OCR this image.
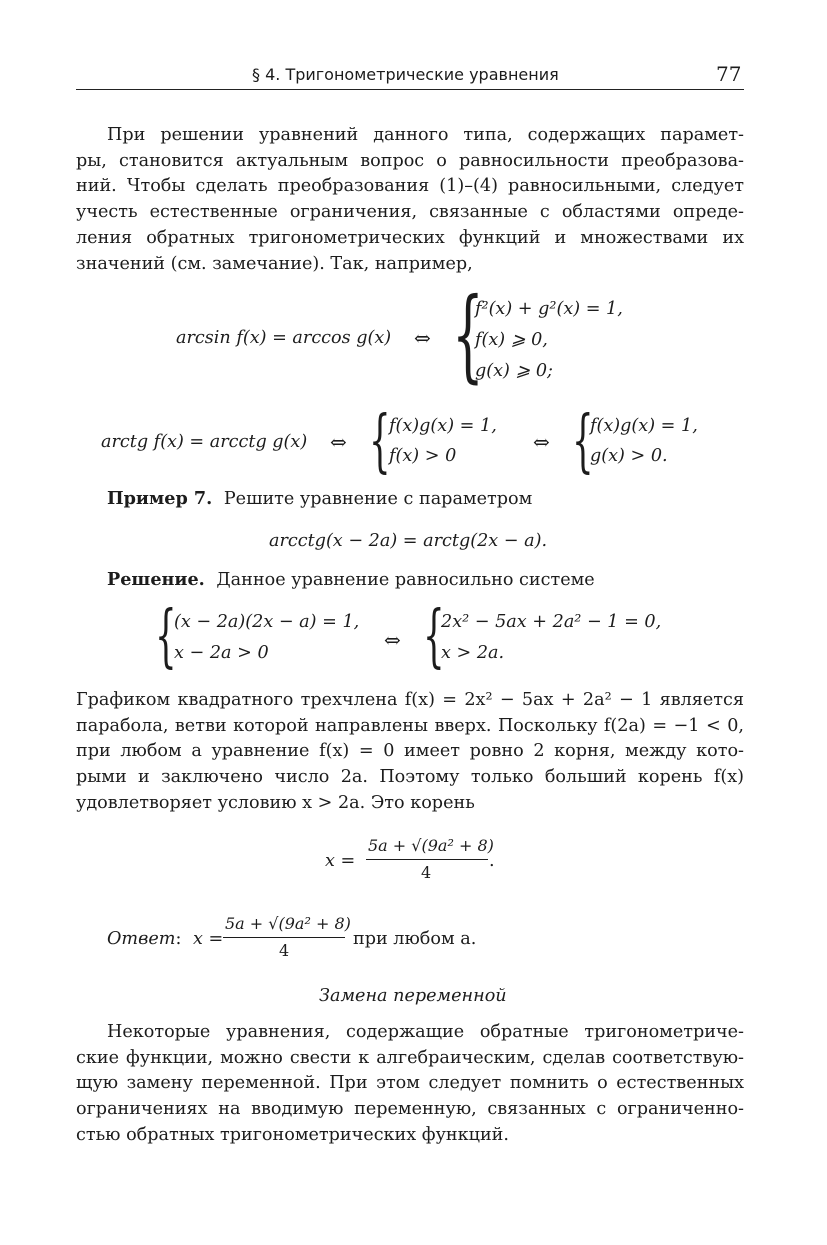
§ 4. Тригонометрические уравнения	77
При решении уравнений данного типа, содержащих парамет-
ры, становится актуальным вопрос о равносильности преобразова-
ний. Чтобы сделать преобразования (1)–(4) равносильными, следует
учесть естественные ограничения, связанные с областями опреде-
ления обратных тригонометрических функций и множествами их
значений (см. замечание). Так, например,
arcsin f(x) = arccos g(x) ⇔ {
f²(x) + g²(x) = 1,
f(x) ⩾ 0,
g(x) ⩾ 0;
arctg f(x) = arcctg g(x) ⇔ {
f(x)g(x) = 1,
f(x) > 0
⇔ {
f(x)g(x) = 1,
g(x) > 0.
Пример 7. Решите уравнение с параметром
arcctg(x − 2a) = arctg(2x − a).
Решение. Данное уравнение равносильно системе
{
(x − 2a)(2x − a) = 1,
x − 2a > 0
⇔ {
2x² − 5ax + 2a² − 1 = 0,
x > 2a.
Графиком квадратного трехчлена f(x) = 2x² − 5ax + 2a² − 1 является
парабола, ветви которой направлены вверх. Поскольку f(2a) = −1 < 0,
при любом a уравнение f(x) = 0 имеет ровно 2 корня, между кото-
рыми и заключено число 2a. Поэтому только больший корень f(x)
удовлетворяет условию x > 2a. Это корень
x =
5a + √(9a² + 8)
4
.
Ответ: x =
5a + √(9a² + 8)
4
при любом a.
Замена переменной
Некоторые уравнения, содержащие обратные тригонометриче-
ские функции, можно свести к алгебраическим, сделав соответствую-
щую замену переменной. При этом следует помнить о естественных
ограничениях на вводимую переменную, связанных с ограниченно-
стью обратных тригонометрических функций.
